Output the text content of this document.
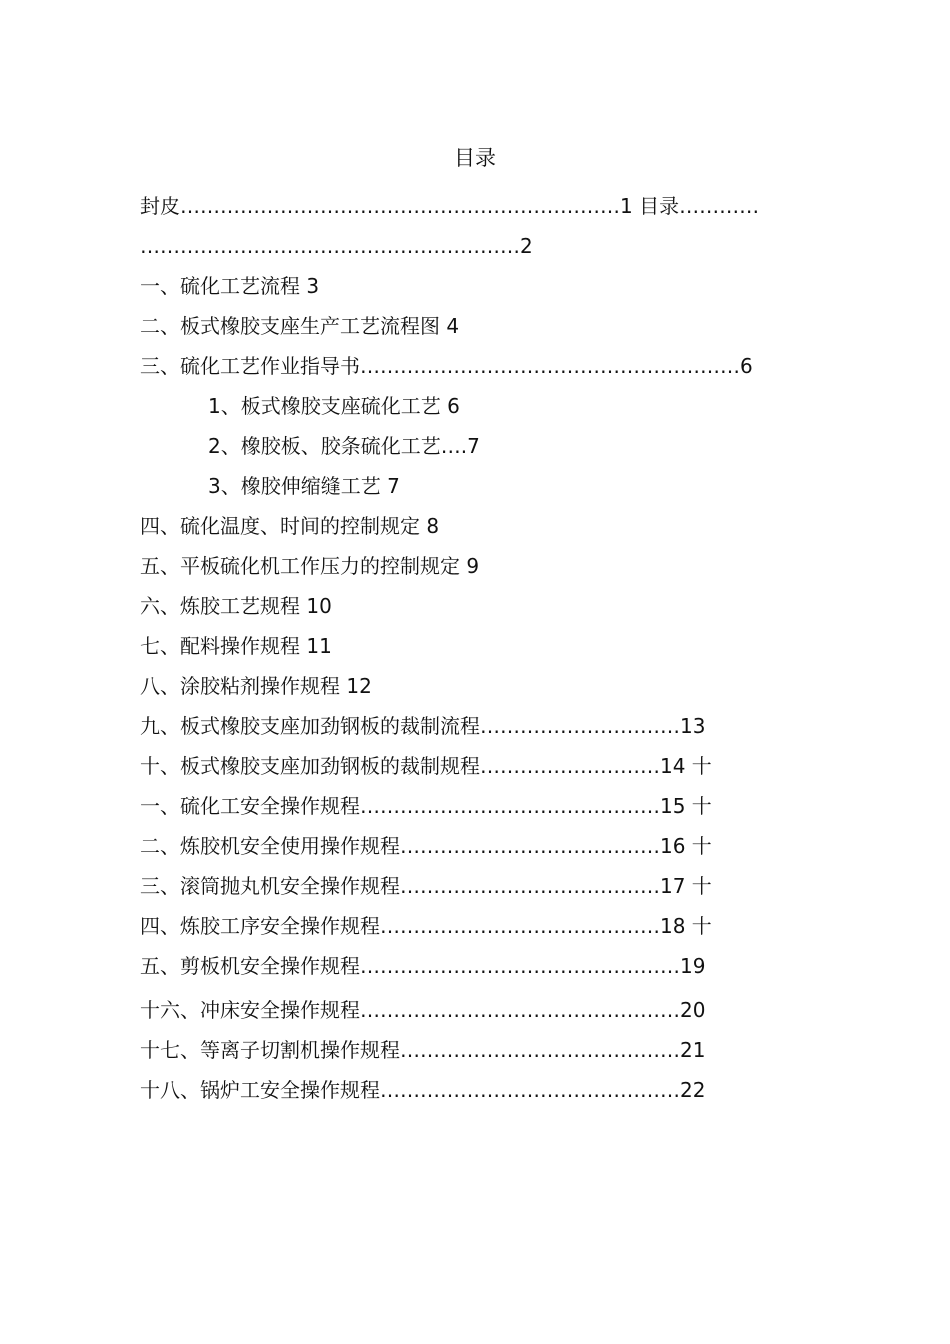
目录
封皮…………………………………………………………1 目录…………
…………………………………………………2
一、硫化工艺流程 3
二、板式橡胶支座生产工艺流程图 4
三、硫化工艺作业指导书…………………………………………………6
1、板式橡胶支座硫化工艺 6
2、橡胶板、胶条硫化工艺….7
3、橡胶伸缩缝工艺 7
四、硫化温度、时间的控制规定 8
五、平板硫化机工作压力的控制规定 9
六、炼胶工艺规程 10
七、配料操作规程 11
八、涂胶粘剂操作规程 12
九、板式橡胶支座加劲钢板的裁制流程…………………………13
十、板式橡胶支座加劲钢板的裁制规程………………………14 十
一、硫化工安全操作规程………………………………………15 十
二、炼胶机安全使用操作规程…………………………………16 十
三、滚筒抛丸机安全操作规程…………………………………17 十
四、炼胶工序安全操作规程……………………………………18 十
五、剪板机安全操作规程…………………………………………19
十六、冲床安全操作规程…………………………………………20
十七、等离子切割机操作规程……………………………………21
十八、锅炉工安全操作规程………………………………………22
